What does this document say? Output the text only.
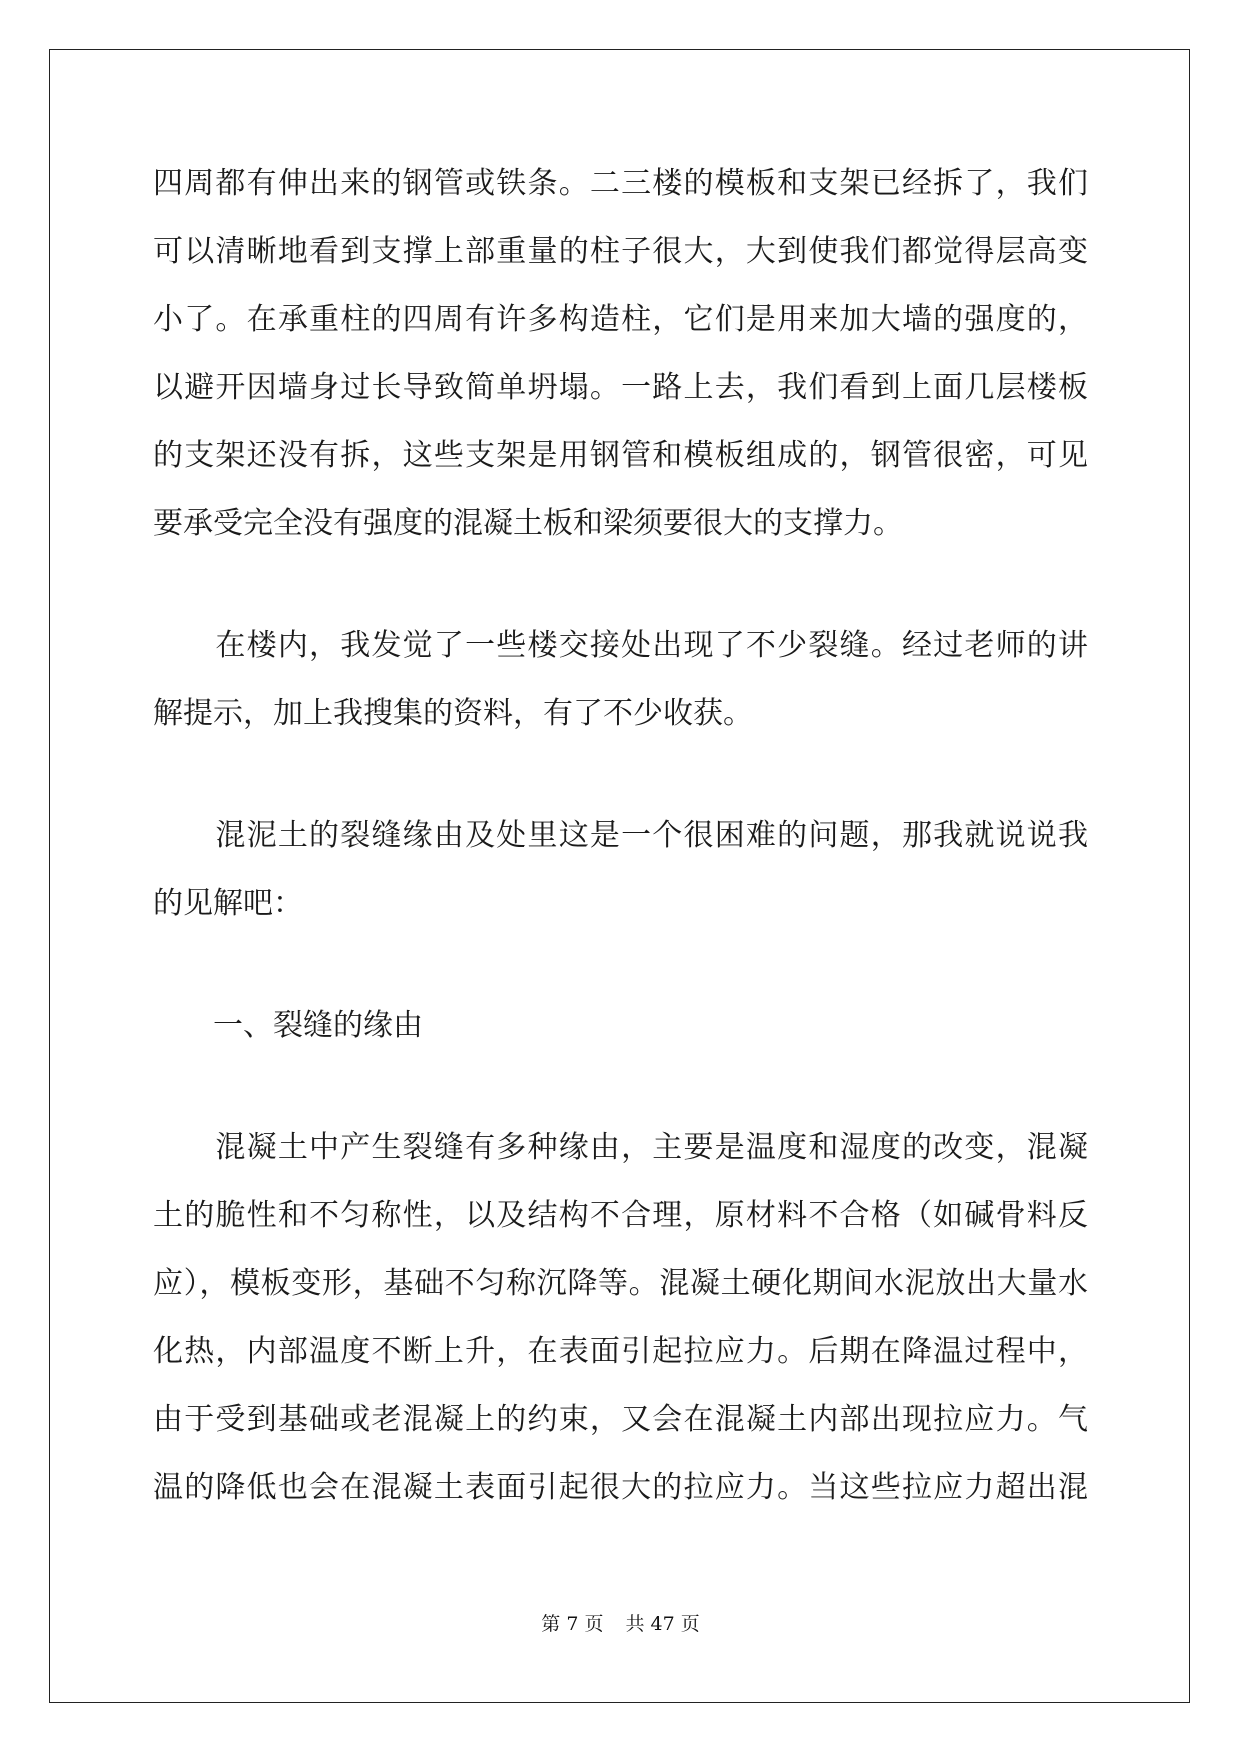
四周都有伸出来的钢管或铁条。二三楼的模板和支架已经拆了，我们
可以清晰地看到支撑上部重量的柱子很大，大到使我们都觉得层高变
小了。在承重柱的四周有许多构造柱，它们是用来加大墙的强度的，
以避开因墙身过长导致简单坍塌。一路上去，我们看到上面几层楼板
的支架还没有拆，这些支架是用钢管和模板组成的，钢管很密，可见
要承受完全没有强度的混凝土板和梁须要很大的支撑力。
　　在楼内，我发觉了一些楼交接处出现了不少裂缝。经过老师的讲
解提示，加上我搜集的资料，有了不少收获。
　　混泥土的裂缝缘由及处里这是一个很困难的问题，那我就说说我
的见解吧：
　　一、裂缝的缘由
　　混凝土中产生裂缝有多种缘由，主要是温度和湿度的改变，混凝
土的脆性和不匀称性，以及结构不合理，原材料不合格（如碱骨料反
应），模板变形，基础不匀称沉降等。混凝土硬化期间水泥放出大量水
化热，内部温度不断上升，在表面引起拉应力。后期在降温过程中，
由于受到基础或老混凝上的约束，又会在混凝土内部出现拉应力。气
温的降低也会在混凝土表面引起很大的拉应力。当这些拉应力超出混
第 7 页 共 47 页
